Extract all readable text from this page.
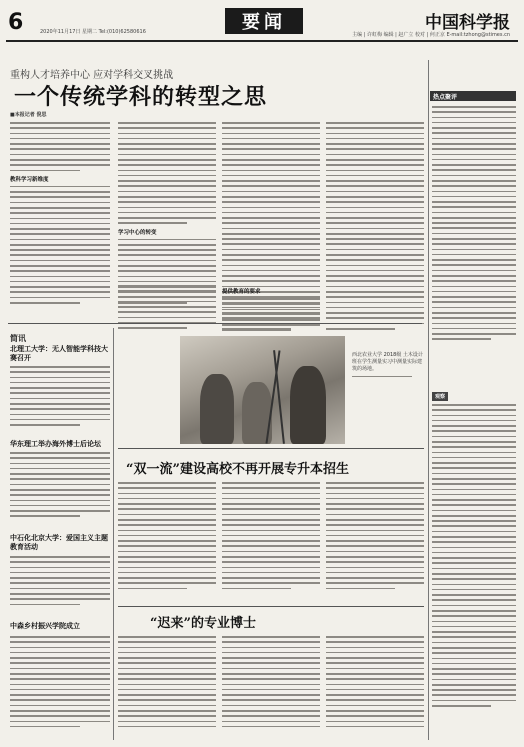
6	2020年11月17日 星期二 Tel:(010)62580616	要闻	中国科学报
主编 | 许虹梅 编辑 | 赵广立 校对 | 何正京 E-mail:tzhong@stimes.cn
重构人才培养中心 应对学科交叉挑战
一个传统学科的转型之思
■本报记者 倪思
教科学习新维度
学习中心的转变
提供教育的要求
西北农业大学 2018级 土木设计班在学生测量实习中测量实际建筑的场地。
简讯
北理工大学：无人智能学科技大赛召开
华东理工举办海外博士后论坛
中石化北京大学：爱国主义主题教育活动
中森乡村振兴学院成立
“双一流”建设高校不再开展专升本招生
“迟来”的专业博士
热点聚评
观察
